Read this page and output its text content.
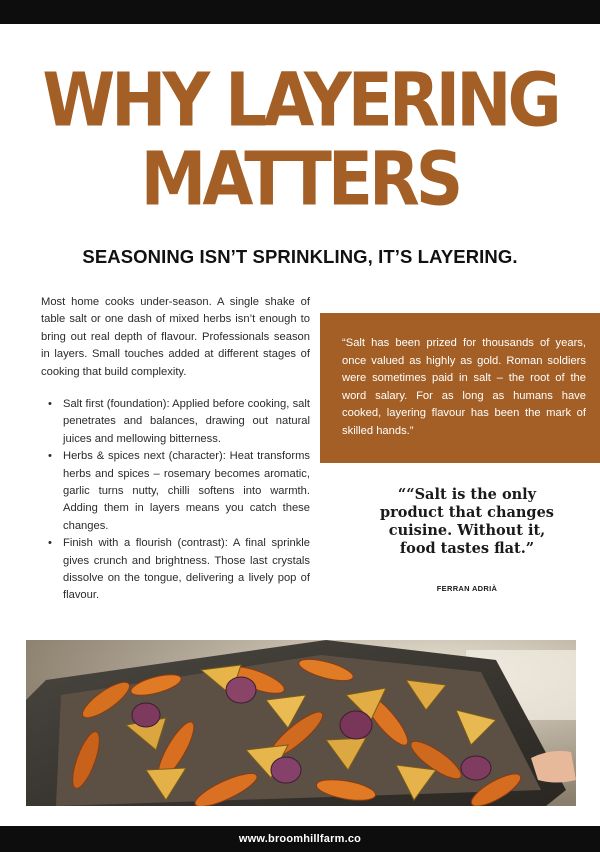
WHY LAYERING
MATTERS
SEASONING ISN’T SPRINKLING, IT’S LAYERING.

Most home cooks under-season. A single shake of table salt or one dash of mixed herbs isn’t enough to bring out real depth of flavour. Professionals season in layers. Small touches added at different stages of cooking that build complexity.

• Salt first (foundation): Applied before cooking, salt penetrates and balances, drawing out natural juices and mellowing bitterness.
• Herbs & spices next (character): Heat transforms herbs and spices – rosemary becomes aromatic, garlic turns nutty, chilli softens into warmth. Adding them in layers means you catch these changes.
• Finish with a flourish (contrast): A final sprinkle gives crunch and brightness. Those last crystals dissolve on the tongue, delivering a lively pop of flavour.
“Salt has been prized for thousands of years, once valued as highly as gold. Roman soldiers were sometimes paid in salt – the root of the word salary. For as long as humans have cooked, layering flavour has been the mark of skilled hands.”
““Salt is the only product that changes cuisine. Without it, food tastes flat.”
FERRAN ADRIÀ
www.broomhillfarm.co
